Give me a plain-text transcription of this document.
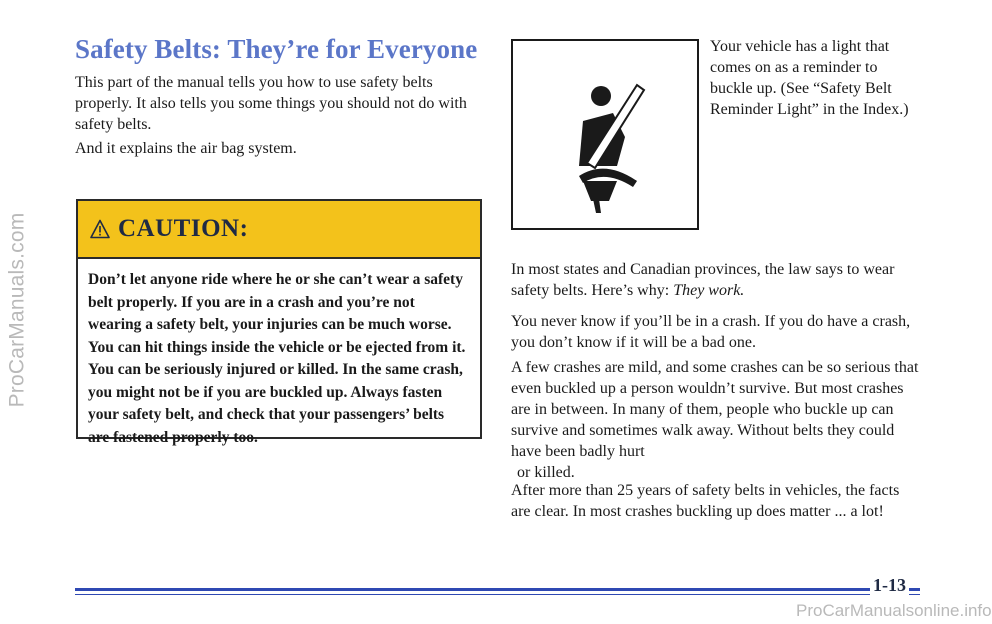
ProCarManuals.com
Safety Belts: They’re for Everyone

This part of the manual tells you how to use safety belts properly. It also tells you some things you should not do with safety belts.

And it explains the air bag system.

CAUTION:

Don’t let anyone ride where he or she can’t wear a safety belt properly. If you are in a crash and you’re not wearing a safety belt, your injuries can be much worse. You can hit things inside the vehicle or be ejected from it. You can be seriously injured or killed. In the same crash, you might not be if you are buckled up. Always fasten your safety belt, and check that your passengers’ belts are fastened properly too.

Your vehicle has a light that comes on as a reminder to buckle up. (See “Safety Belt Reminder Light” in the Index.)

In most states and Canadian provinces, the law says to wear safety belts. Here’s why: They work.

You never know if you’ll be in a crash. If you do have a crash, you don’t know if it will be a bad one.

A few crashes are mild, and some crashes can be so serious that even buckled up a person wouldn’t survive. But most crashes are in between. In many of them, people who buckle up can survive and sometimes walk away. Without belts they could have been badly hurt
or killed.

After more than 25 years of safety belts in vehicles, the facts are clear. In most crashes buckling up does matter ... a lot!

1-13
ProCarManualsonline.info
